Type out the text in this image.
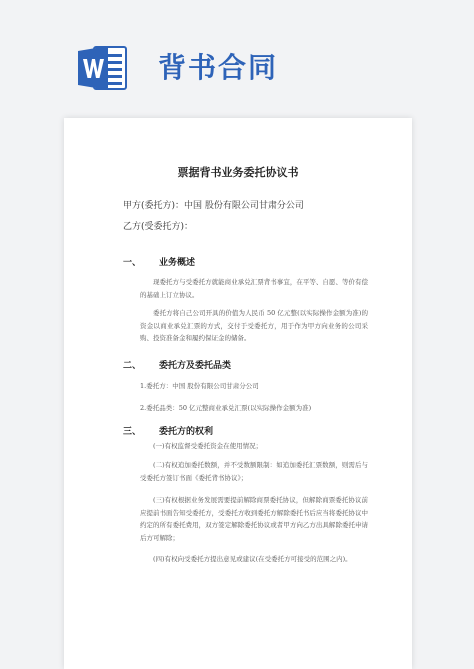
背书合同
票据背书业务委托协议书
甲方(委托方)：中国 股份有限公司甘肃分公司
乙方(受委托方)：
一、 业务概述
现委托方与受委托方就能商业承兑汇票背书事宜，在平等、自愿、等价有偿的基础上订立协议。
委托方将自己公司开具的价值为人民币 50 亿元整(以实际操作金额为准)的资金以商业承兑汇票的方式，交付于受委托方，用于作为甲方向业务的公司采购、投资准备金和履约保证金的储备。
二、 委托方及委托品类
1.委托方：中国 股份有限公司甘肃分公司
2.委托品类：50 亿元整商业承兑汇票(以实际操作金额为准)
三、 委托方的权利
(一)有权监督受委托资金在使用情况；
(二)有权追加委托数额，并不受数额限制：如追加委托汇票数额，则需后与受委托方签订书面《委托背书协议》；
(三)有权根据业务发展需要提前解除商票委托协议，但解除商票委托协议前应提前书面告知受委托方，受委托方收到委托方解除委托书后应当将委托协议中约定的所有委托费用，双方签定解除委托协议或者甲方向乙方出具解除委托申请后方可解除；
(四)有权向受委托方提出意见或建议(在受委托方可接受的范围之内)。
